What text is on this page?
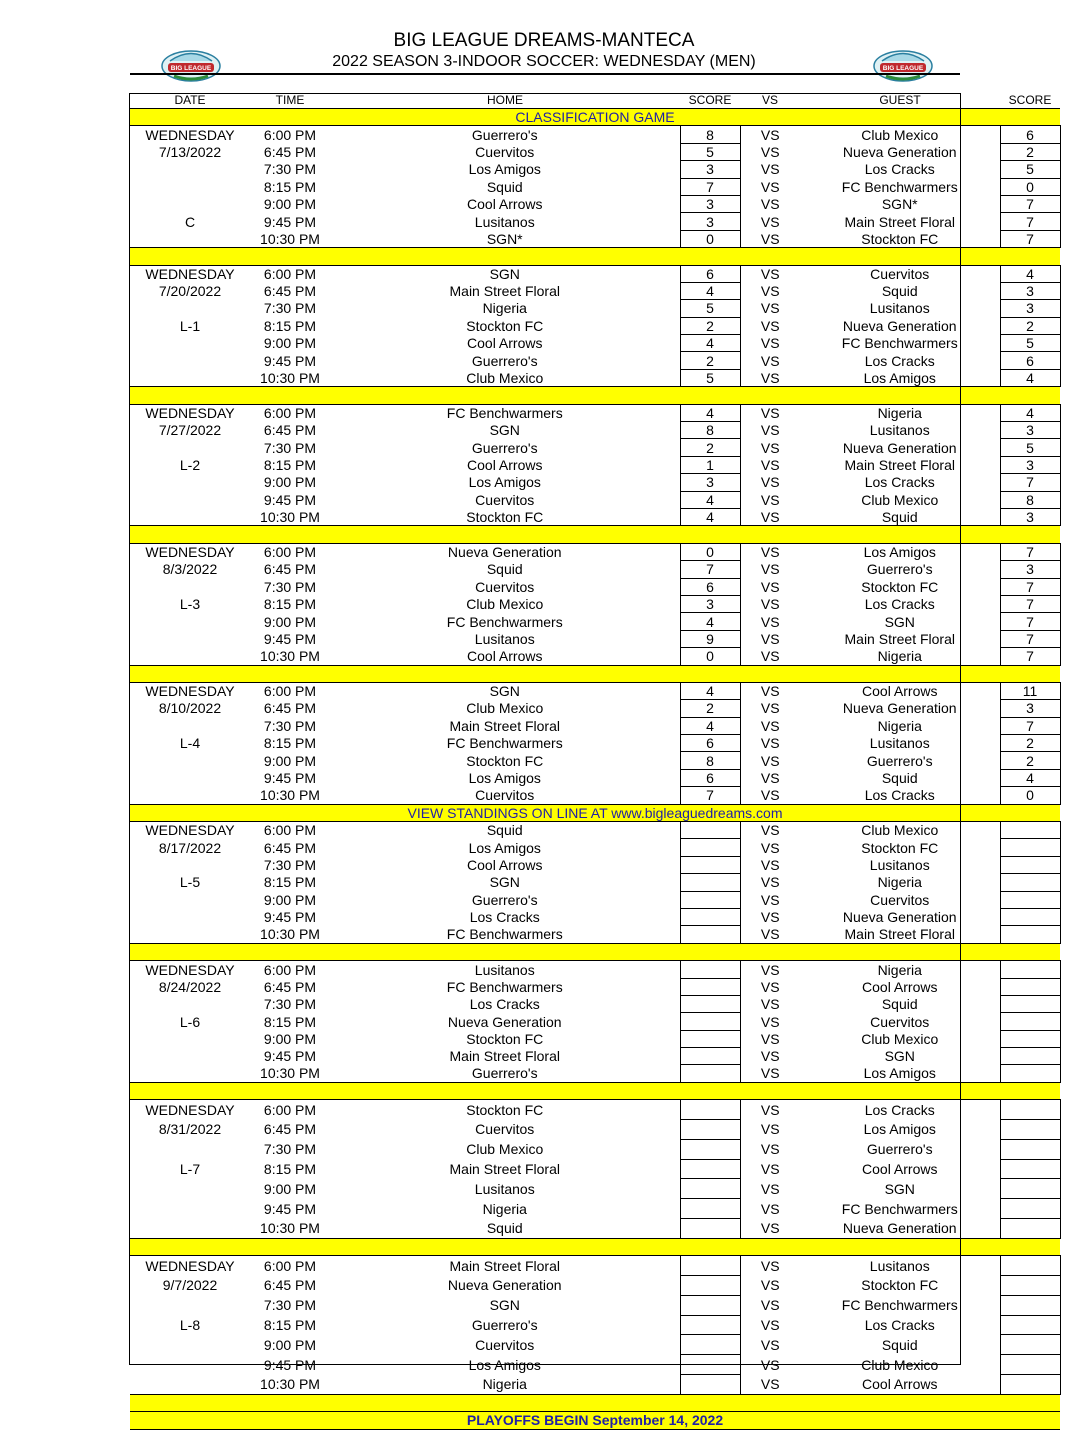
BIG LEAGUE DREAMS-MANTECA
2022 SEASON 3-INDOOR SOCCER: WEDNESDAY (MEN)
BIG LEAGUE	BIG LEAGUE
DATE	TIME	HOME	SCORE	VS	GUEST	SCORE
CLASSIFICATION GAME						
WEDNESDAY	6:00 PM	Guerrero's	8	VS	Club Mexico	6
7/13/2022	6:45 PM	Cuervitos	5	VS	Nueva Generation	2
	7:30 PM	Los Amigos	3	VS	Los Cracks	5
	8:15 PM	Squid	7	VS	FC Benchwarmers	0
	9:00 PM	Cool Arrows	3	VS	SGN*	7
C	9:45 PM	Lusitanos	3	VS	Main Street Floral	7
	10:30 PM	SGN*	0	VS	Stockton FC	7

WEDNESDAY	6:00 PM	SGN	6	VS	Cuervitos	4
7/20/2022	6:45 PM	Main Street Floral	4	VS	Squid	3
	7:30 PM	Nigeria	5	VS	Lusitanos	3
L-1	8:15 PM	Stockton FC	2	VS	Nueva Generation	2
	9:00 PM	Cool Arrows	4	VS	FC Benchwarmers	5
	9:45 PM	Guerrero's	2	VS	Los Cracks	6
	10:30 PM	Club Mexico	5	VS	Los Amigos	4

WEDNESDAY	6:00 PM	FC Benchwarmers	4	VS	Nigeria	4
7/27/2022	6:45 PM	SGN	8	VS	Lusitanos	3
	7:30 PM	Guerrero's	2	VS	Nueva Generation	5
L-2	8:15 PM	Cool Arrows	1	VS	Main Street Floral	3
	9:00 PM	Los Amigos	3	VS	Los Cracks	7
	9:45 PM	Cuervitos	4	VS	Club Mexico	8
	10:30 PM	Stockton FC	4	VS	Squid	3

WEDNESDAY	6:00 PM	Nueva Generation	0	VS	Los Amigos	7
8/3/2022	6:45 PM	Squid	7	VS	Guerrero's	3
	7:30 PM	Cuervitos	6	VS	Stockton FC	7
L-3	8:15 PM	Club Mexico	3	VS	Los Cracks	7
	9:00 PM	FC Benchwarmers	4	VS	SGN	7
	9:45 PM	Lusitanos	9	VS	Main Street Floral	7
	10:30 PM	Cool Arrows	0	VS	Nigeria	7

WEDNESDAY	6:00 PM	SGN	4	VS	Cool Arrows	11
8/10/2022	6:45 PM	Club Mexico	2	VS	Nueva Generation	3
	7:30 PM	Main Street Floral	4	VS	Nigeria	7
L-4	8:15 PM	FC Benchwarmers	6	VS	Lusitanos	2
	9:00 PM	Stockton FC	8	VS	Guerrero's	2
	9:45 PM	Los Amigos	6	VS	Squid	4
	10:30 PM	Cuervitos	7	VS	Los Cracks	0
VIEW STANDINGS ON LINE AT www.bigleaguedreams.com						
WEDNESDAY	6:00 PM	Squid		VS	Club Mexico	
8/17/2022	6:45 PM	Los Amigos		VS	Stockton FC	
	7:30 PM	Cool Arrows		VS	Lusitanos	
L-5	8:15 PM	SGN		VS	Nigeria	
	9:00 PM	Guerrero's		VS	Cuervitos	
	9:45 PM	Los Cracks		VS	Nueva Generation	
	10:30 PM	FC Benchwarmers		VS	Main Street Floral	

WEDNESDAY	6:00 PM	Lusitanos		VS	Nigeria	
8/24/2022	6:45 PM	FC Benchwarmers		VS	Cool Arrows	
	7:30 PM	Los Cracks		VS	Squid	
L-6	8:15 PM	Nueva Generation		VS	Cuervitos	
	9:00 PM	Stockton FC		VS	Club Mexico	
	9:45 PM	Main Street Floral		VS	SGN	
	10:30 PM	Guerrero's		VS	Los Amigos	

WEDNESDAY	6:00 PM	Stockton FC		VS	Los Cracks	
8/31/2022	6:45 PM	Cuervitos		VS	Los Amigos	
	7:30 PM	Club Mexico		VS	Guerrero's	
L-7	8:15 PM	Main Street Floral		VS	Cool Arrows	
	9:00 PM	Lusitanos		VS	SGN	
	9:45 PM	Nigeria		VS	FC Benchwarmers	
	10:30 PM	Squid		VS	Nueva Generation	

WEDNESDAY	6:00 PM	Main Street Floral		VS	Lusitanos	
9/7/2022	6:45 PM	Nueva Generation		VS	Stockton FC	
	7:30 PM	SGN		VS	FC Benchwarmers	
L-8	8:15 PM	Guerrero's		VS	Los Cracks	
	9:00 PM	Cuervitos		VS	Squid	
	9:45 PM	Los Amigos		VS	Club Mexico	
	10:30 PM	Nigeria		VS	Cool Arrows	

PLAYOFFS BEGIN September 14, 2022						
